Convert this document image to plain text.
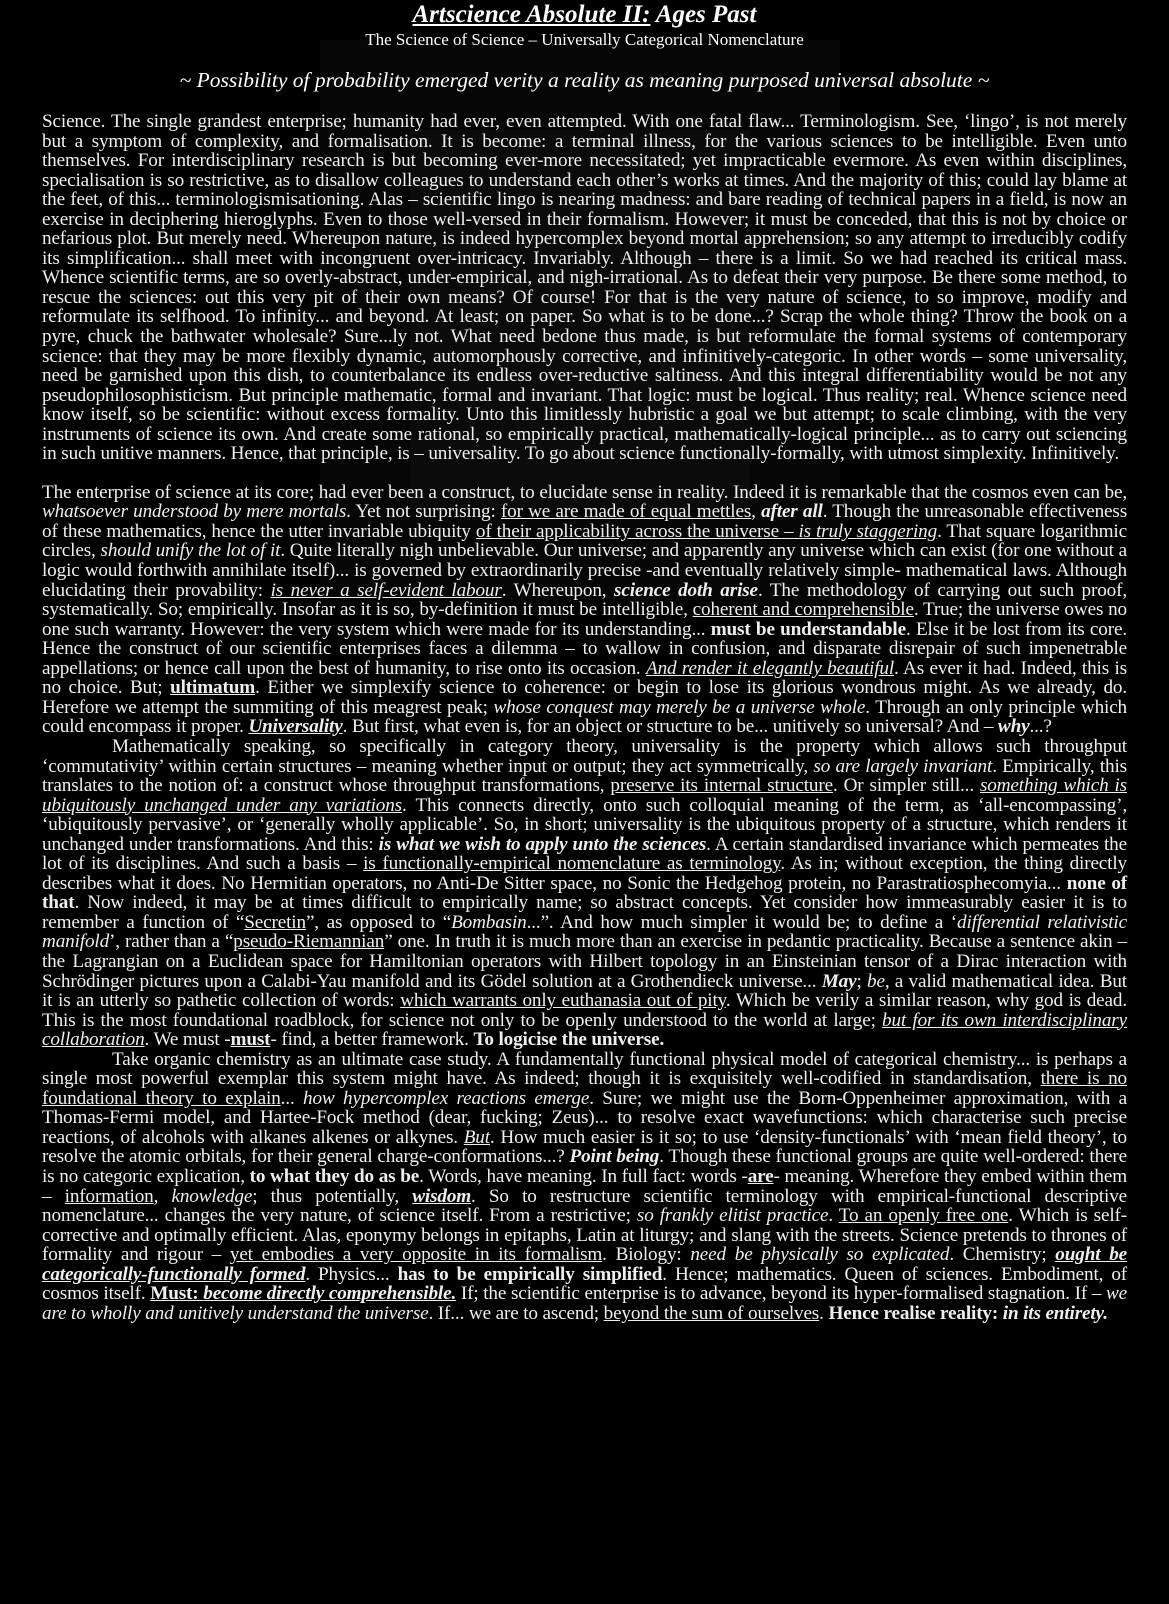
Artscience Absolute II: Ages Past

The Science of Science – Universally Categorical Nomenclature

~ Possibility of probability emerged verity a reality as meaning purposed universal absolute ~

Science. The single grandest enterprise; humanity had ever, even attempted. With one fatal flaw... Terminologism. See, ‘lingo’, is not merely but a symptom of complexity, and formalisation. It is become: a terminal illness, for the various sciences to be intelligible. Even unto themselves. For interdisciplinary research is but becoming ever-more necessitated; yet impracticable evermore. As even within disciplines, specialisation is so restrictive, as to disallow colleagues to understand each other’s works at times. And the majority of this; could lay blame at the feet, of this... terminologismisationing. Alas – scientific lingo is nearing madness: and bare reading of technical papers in a field, is now an exercise in deciphering hieroglyphs. Even to those well-versed in their formalism. However; it must be conceded, that this is not by choice or nefarious plot. But merely need. Whereupon nature, is indeed hypercomplex beyond mortal apprehension; so any attempt to irreducibly codify its simplification... shall meet with incongruent over-intricacy. Invariably. Although – there is a limit. So we had reached its critical mass. Whence scientific terms, are so overly-abstract, under-empirical, and nigh-irrational. As to defeat their very purpose. Be there some method, to rescue the sciences: out this very pit of their own means? Of course! For that is the very nature of science, to so improve, modify and reformulate its selfhood. To infinity... and beyond. At least; on paper. So what is to be done...? Scrap the whole thing? Throw the book on a pyre, chuck the bathwater wholesale? Sure...ly not. What need bedone thus made, is but reformulate the formal systems of contemporary science: that they may be more flexibly dynamic, automorphously corrective, and infinitively-categoric. In other words – some universality, need be garnished upon this dish, to counterbalance its endless over-reductive saltiness. And this integral differentiability would be not any pseudophilosophisticism. But principle mathematic, formal and invariant. That logic: must be logical. Thus reality; real. Whence science need know itself, so be scientific: without excess formality. Unto this limitlessly hubristic a goal we but attempt; to scale climbing, with the very instruments of science its own. And create some rational, so empirically practical, mathematically-logical principle... as to carry out sciencing in such unitive manners. Hence, that principle, is – universality. To go about science functionally-formally, with utmost simplexity. Infinitively.

The enterprise of science at its core; had ever been a construct, to elucidate sense in reality. Indeed it is remarkable that the cosmos even can be, whatsoever understood by mere mortals. Yet not surprising: for we are made of equal mettles, after all. Though the unreasonable effectiveness of these mathematics, hence the utter invariable ubiquity of their applicability across the universe – is truly staggering. That square logarithmic circles, should unify the lot of it. Quite literally nigh unbelievable. Our universe; and apparently any universe which can exist (for one without a logic would forthwith annihilate itself)... is governed by extraordinarily precise -and eventually relatively simple- mathematical laws. Although elucidating their provability: is never a self-evident labour. Whereupon, science doth arise. The methodology of carrying out such proof, systematically. So; empirically. Insofar as it is so, by-definition it must be intelligible, coherent and comprehensible. True; the universe owes no one such warranty. However: the very system which were made for its understanding... must be understandable. Else it be lost from its core. Hence the construct of our scientific enterprises faces a dilemma – to wallow in confusion, and disparate disrepair of such impenetrable appellations; or hence call upon the best of humanity, to rise onto its occasion. And render it elegantly beautiful. As ever it had. Indeed, this is no choice. But; ultimatum. Either we simplexify science to coherence: or begin to lose its glorious wondrous might. As we already, do. Herefore we attempt the summiting of this meagrest peak; whose conquest may merely be a universe whole. Through an only principle which could encompass it proper. Universality. But first, what even is, for an object or structure to be... unitively so universal? And – why...?

Mathematically speaking, so specifically in category theory, universality is the property which allows such throughput ‘commutativity’ within certain structures – meaning whether input or output; they act symmetrically, so are largely invariant. Empirically, this translates to the notion of: a construct whose throughput transformations, preserve its internal structure. Or simpler still... something which is ubiquitously unchanged under any variations. This connects directly, onto such colloquial meaning of the term, as ‘all-encompassing’, ‘ubiquitously pervasive’, or ‘generally wholly applicable’. So, in short; universality is the ubiquitous property of a structure, which renders it unchanged under transformations. And this: is what we wish to apply unto the sciences. A certain standardised invariance which permeates the lot of its disciplines. And such a basis – is functionally-empirical nomenclature as terminology. As in; without exception, the thing directly describes what it does. No Hermitian operators, no Anti-De Sitter space, no Sonic the Hedgehog protein, no Parastratiosphecomyia... none of that. Now indeed, it may be at times difficult to empirically name; so abstract concepts. Yet consider how immeasurably easier it is to remember a function of “Secretin”, as opposed to “Bombasin...”. And how much simpler it would be; to define a ‘differential relativistic manifold’, rather than a “pseudo-Riemannian” one. In truth it is much more than an exercise in pedantic practicality. Because a sentence akin – the Lagrangian on a Euclidean space for Hamiltonian operators with Hilbert topology in an Einsteinian tensor of a Dirac interaction with Schrödinger pictures upon a Calabi-Yau manifold and its Gödel solution at a Grothendieck universe... May; be, a valid mathematical idea. But it is an utterly so pathetic collection of words: which warrants only euthanasia out of pity. Which be verily a similar reason, why god is dead. This is the most foundational roadblock, for science not only to be openly understood to the world at large; but for its own interdisciplinary collaboration. We must -must- find, a better framework. To logicise the universe.

Take organic chemistry as an ultimate case study. A fundamentally functional physical model of categorical chemistry... is perhaps a single most powerful exemplar this system might have. As indeed; though it is exquisitely well-codified in standardisation, there is no foundational theory to explain... how hypercomplex reactions emerge. Sure; we might use the Born-Oppenheimer approximation, with a Thomas-Fermi model, and Hartee-Fock method (dear, fucking; Zeus)... to resolve exact wavefunctions: which characterise such precise reactions, of alcohols with alkanes alkenes or alkynes. But. How much easier is it so; to use ‘density-functionals’ with ‘mean field theory’, to resolve the atomic orbitals, for their general charge-conformations...? Point being. Though these functional groups are quite well-ordered: there is no categoric explication, to what they do as be. Words, have meaning. In full fact: words -are- meaning. Wherefore they embed within them – information, knowledge; thus potentially, wisdom. So to restructure scientific terminology with empirical-functional descriptive nomenclature... changes the very nature, of science itself. From a restrictive; so frankly elitist practice. To an openly free one. Which is self-corrective and optimally efficient. Alas, eponymy belongs in epitaphs, Latin at liturgy; and slang with the streets. Science pretends to thrones of formality and rigour – yet embodies a very opposite in its formalism. Biology: need be physically so explicated. Chemistry; ought be categorically-functionally formed. Physics... has to be empirically simplified. Hence; mathematics. Queen of sciences. Embodiment, of cosmos itself. Must: become directly comprehensible. If; the scientific enterprise is to advance, beyond its hyper-formalised stagnation. If – we are to wholly and unitively understand the universe. If... we are to ascend; beyond the sum of ourselves. Hence realise reality: in its entirety.
